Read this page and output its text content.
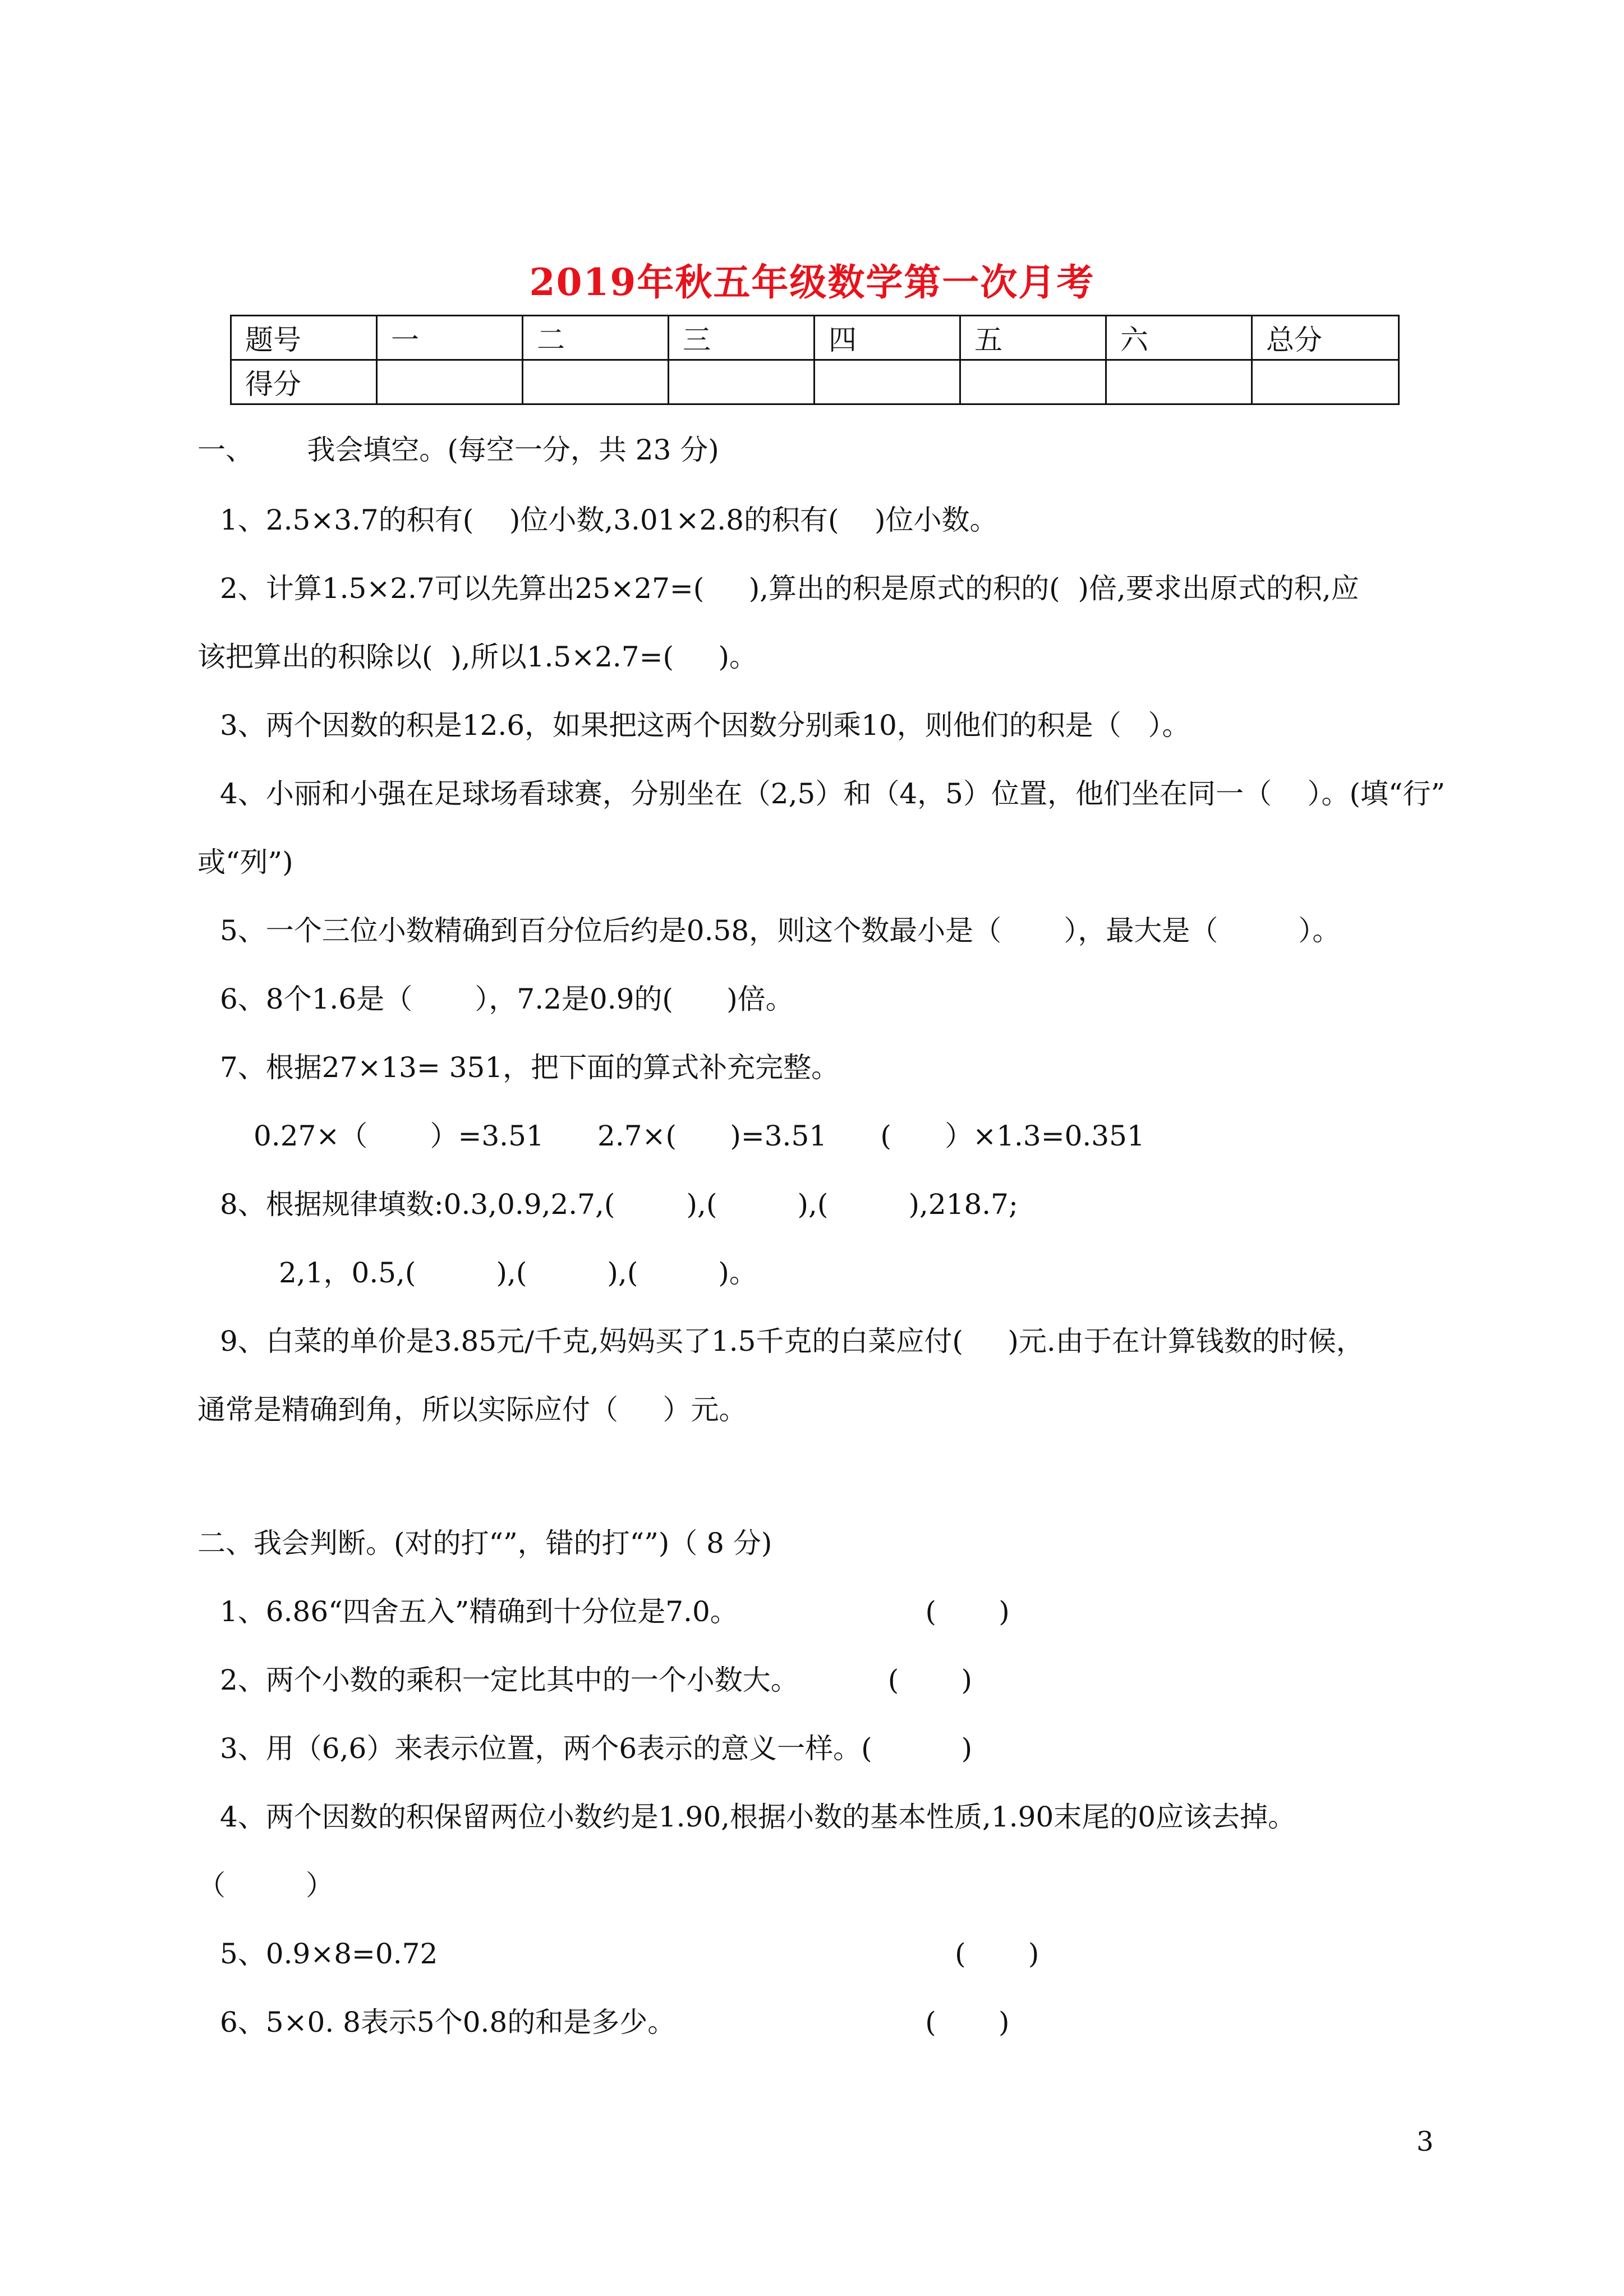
2019年秋五年级数学第一次月考
题号	一	二	三	四	五	六	总分
得分							
一、      我会填空。(每空一分，共 23 分)
1、2.5×3.7的积有(    )位小数,3.01×2.8的积有(    )位小数。
2、计算1.5×2.7可以先算出25×27=(     ),算出的积是原式的积的(  )倍,要求出原式的积,应
该把算出的积除以(  ),所以1.5×2.7=(     )。
3、两个因数的积是12.6，如果把这两个因数分别乘10，则他们的积是（   ）。
4、小丽和小强在足球场看球赛，分别坐在（2,5）和（4，5）位置，他们坐在同一（    ）。(填“行”
或“列”)
5、一个三位小数精确到百分位后约是0.58，则这个数最小是（       ），最大是（         ）。
6、8个1.6是（       ），7.2是0.9的(      )倍。
7、根据27×13= 351，把下面的算式补充完整。
0.27×（       ）=3.51      2.7×(      )=3.51      (      ）×1.3=0.351
8、根据规律填数:0.3,0.9,2.7,(        ),(         ),(         ),218.7;
2,1，0.5,(         ),(         ),(         )。
9、白菜的单价是3.85元/千克,妈妈买了1.5千克的白菜应付(     )元.由于在计算钱数的时候，
通常是精确到角，所以实际应付（     ）元。
二、我会判断。(对的打“”，错的打“”)（ 8 分)
1、6.86“四舍五入”精确到十分位是7.0。                     (       )
2、两个小数的乘积一定比其中的一个小数大。          (       )
3、用（6,6）来表示位置，两个6表示的意义一样。(          )
4、两个因数的积保留两位小数约是1.90,根据小数的基本性质,1.90末尾的0应该去掉。
（         ）
5、0.9×8=0.72                                                          (       )
6、5×0. 8表示5个0.8的和是多少。                            (       )
3
